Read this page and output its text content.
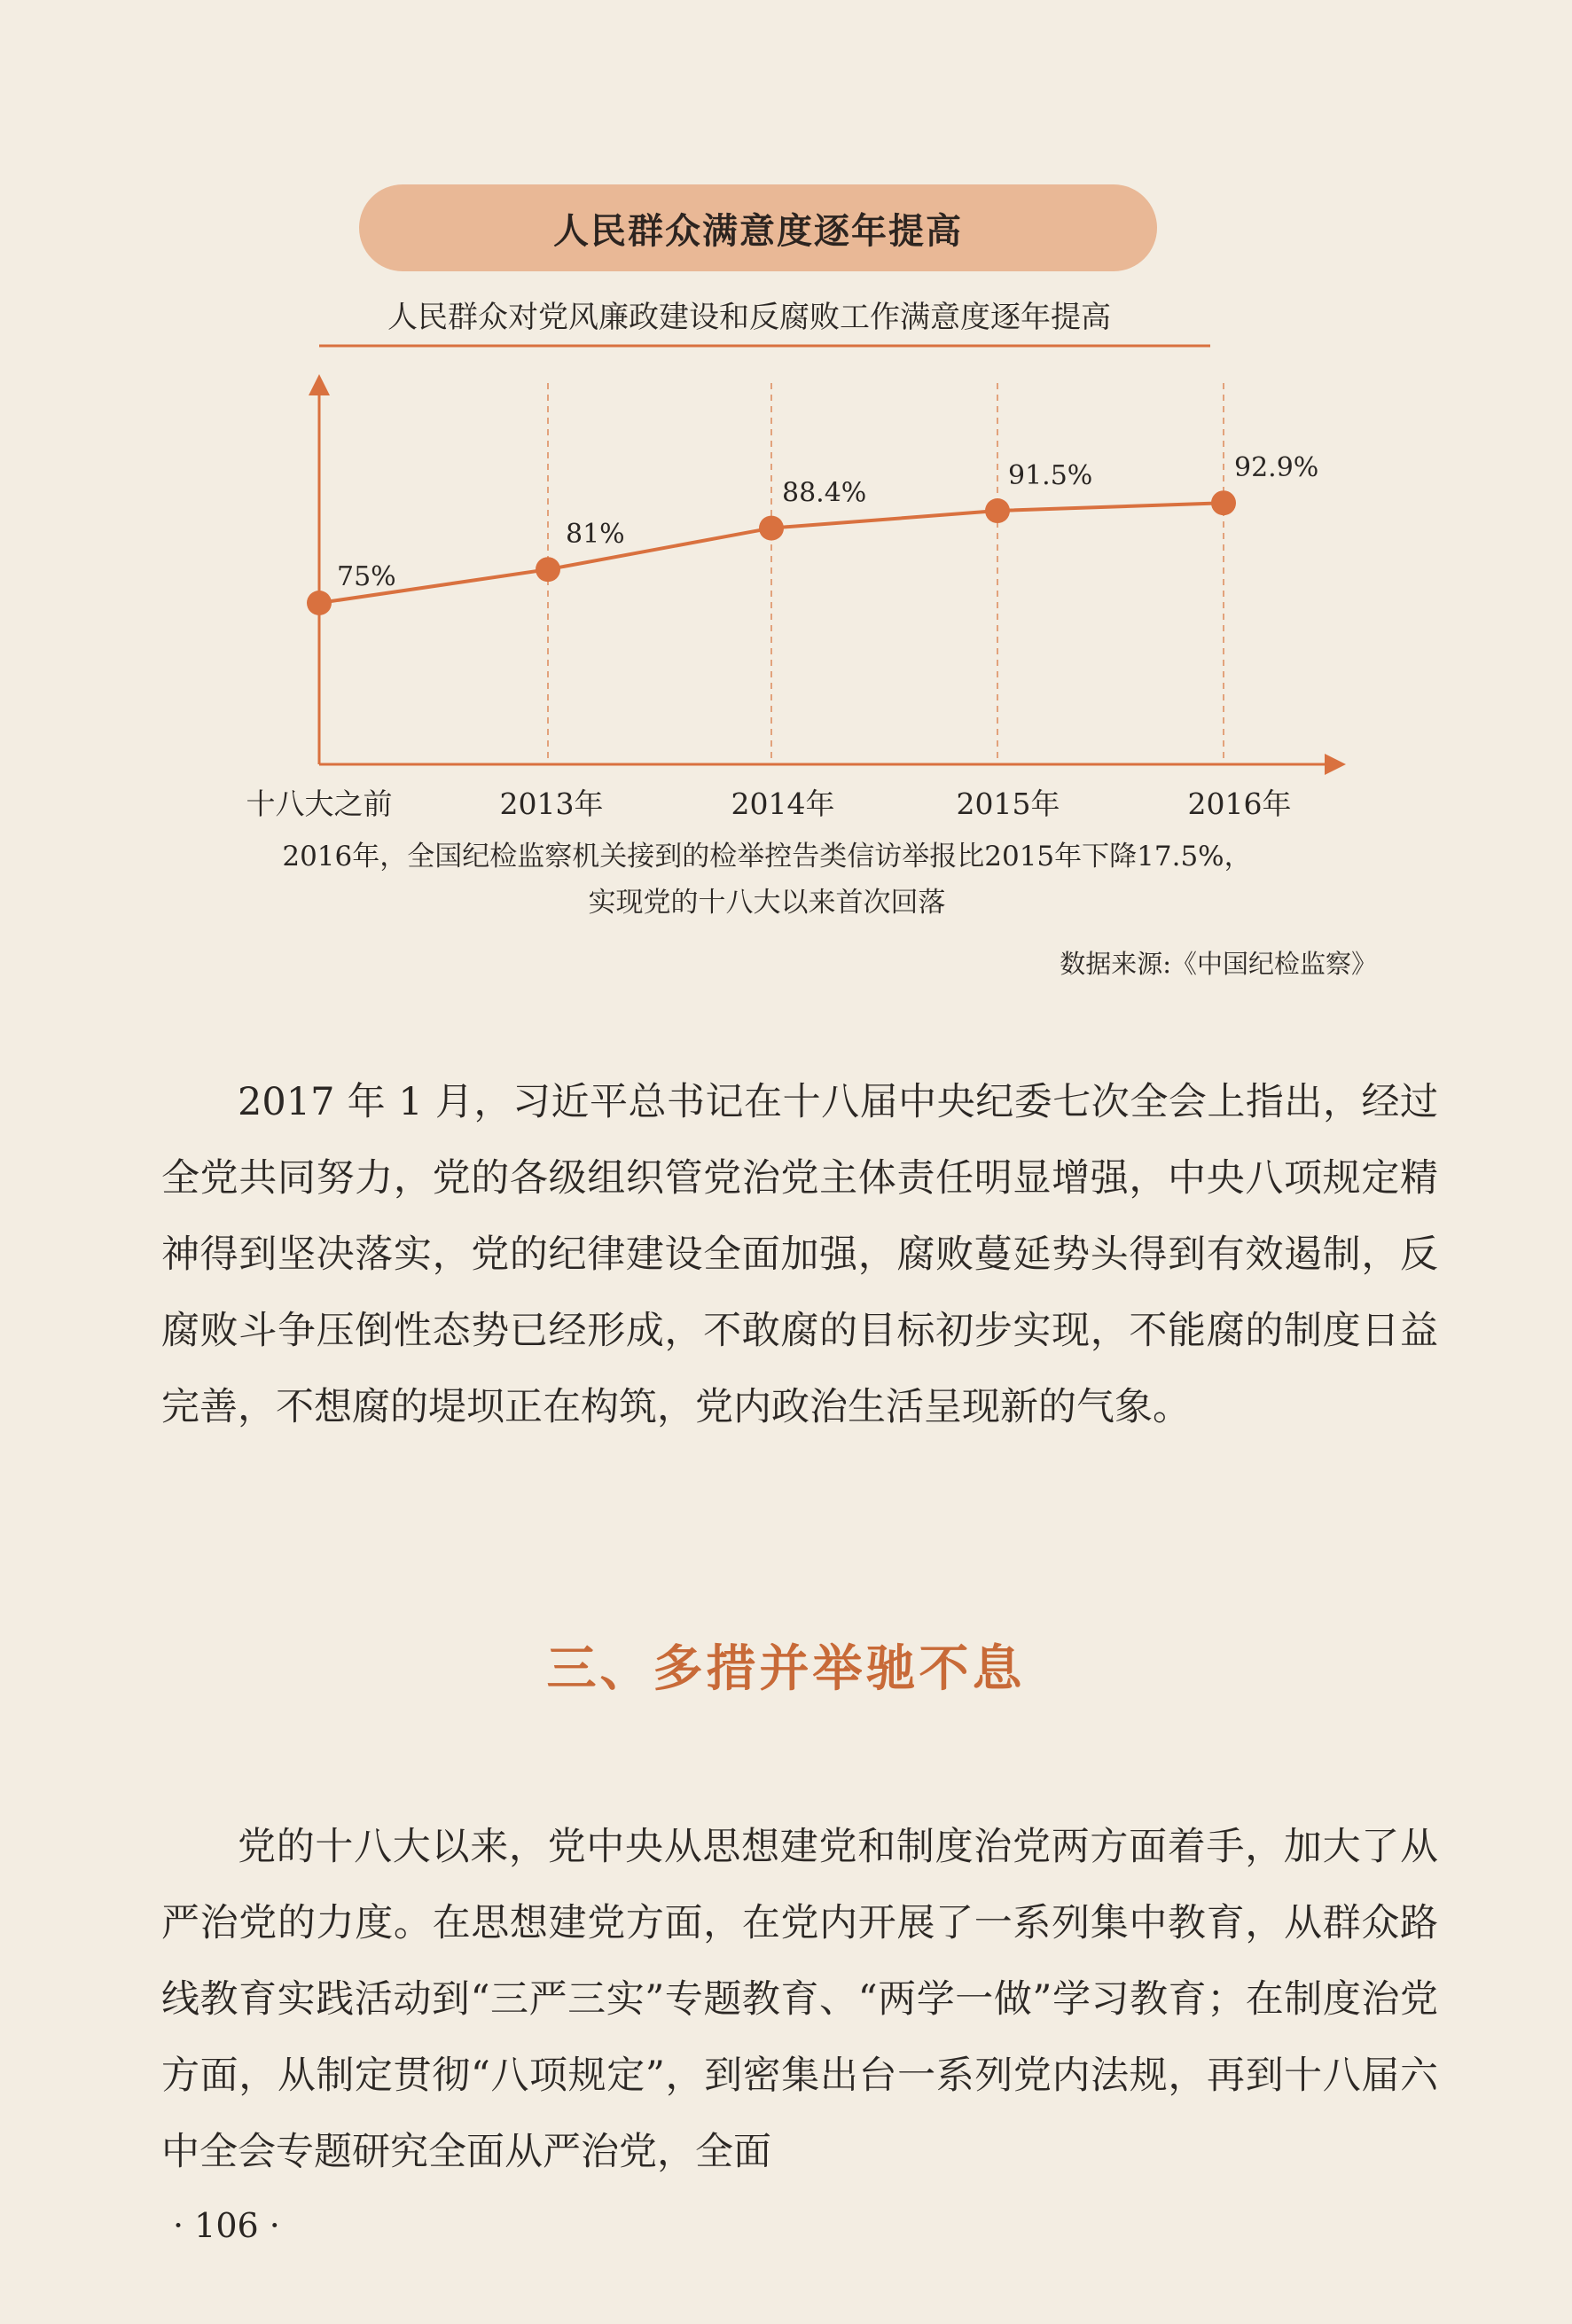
人民群众满意度逐年提高
人民群众对党风廉政建设和反腐败工作满意度逐年提高
75%
81%
88.4%
91.5%	92.9%
十八大之前	2013年	2014年	2015年	2016年
2016年，全国纪检监察机关接到的检举控告类信访举报比2015年下降17.5%，
实现党的十八大以来首次回落
数据来源:《中国纪检监察》

2017 年 1 月，习近平总书记在十八届中央纪委七次全会上指出，经过全党共同努力，党的各级组织管党治党主体责任明显增强，中央八项规定精神得到坚决落实，党的纪律建设全面加强，腐败蔓延势头得到有效遏制，反腐败斗争压倒性态势已经形成，不敢腐的目标初步实现，不能腐的制度日益完善，不想腐的堤坝正在构筑，党内政治生活呈现新的气象。

三、多措并举驰不息

党的十八大以来，党中央从思想建党和制度治党两方面着手，加大了从严治党的力度。在思想建党方面，在党内开展了一系列集中教育，从群众路线教育实践活动到“三严三实”专题教育、“两学一做”学习教育；在制度治党方面，从制定贯彻“八项规定”，到密集出台一系列党内法规，再到十八届六中全会专题研究全面从严治党，全面

· 106 ·
